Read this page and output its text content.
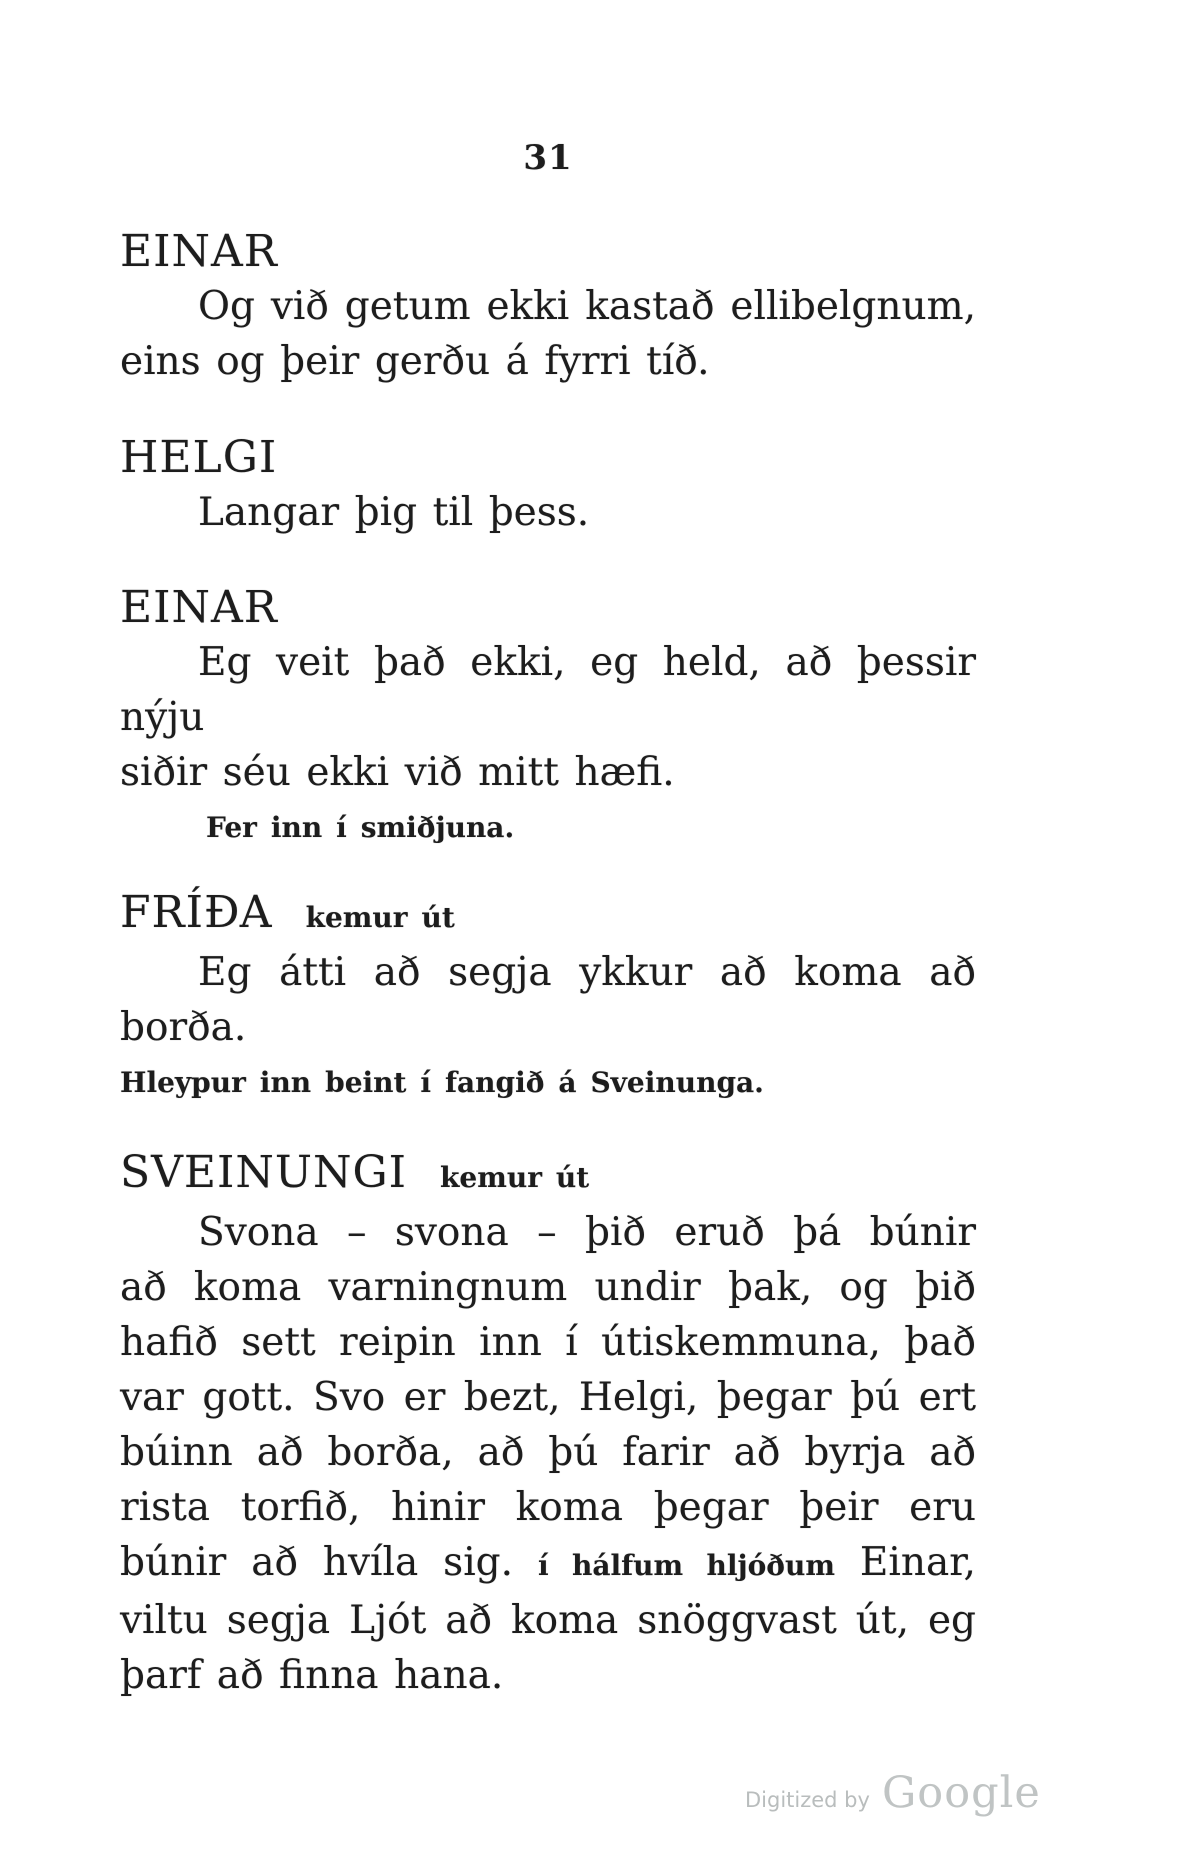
31
EINAR

Og við getum ekki kastað ellibelgnum,

eins og þeir gerðu á fyrri tíð.

HELGI

Langar þig til þess.

EINAR

Eg veit það ekki, eg held, að þessir nýju

siðir séu ekki við mitt hæfi.

Fer inn í smiðjuna.

FRÍÐA kemur út

Eg átti að segja ykkur að koma að borða.

Hleypur inn beint í fangið á Sveinunga.

SVEINUNGI kemur út

Svona – svona – þið eruð þá búnir

að koma varningnum undir þak, og þið

hafið sett reipin inn í útiskemmuna, það

var gott. Svo er bezt, Helgi, þegar þú ert

búinn að borða, að þú farir að byrja að

rista torfið, hinir koma þegar þeir eru

búnir að hvíla sig. í hálfum hljóðum Einar,

viltu segja Ljót að koma snöggvast út, eg

þarf að finna hana.

Digitized by Google
